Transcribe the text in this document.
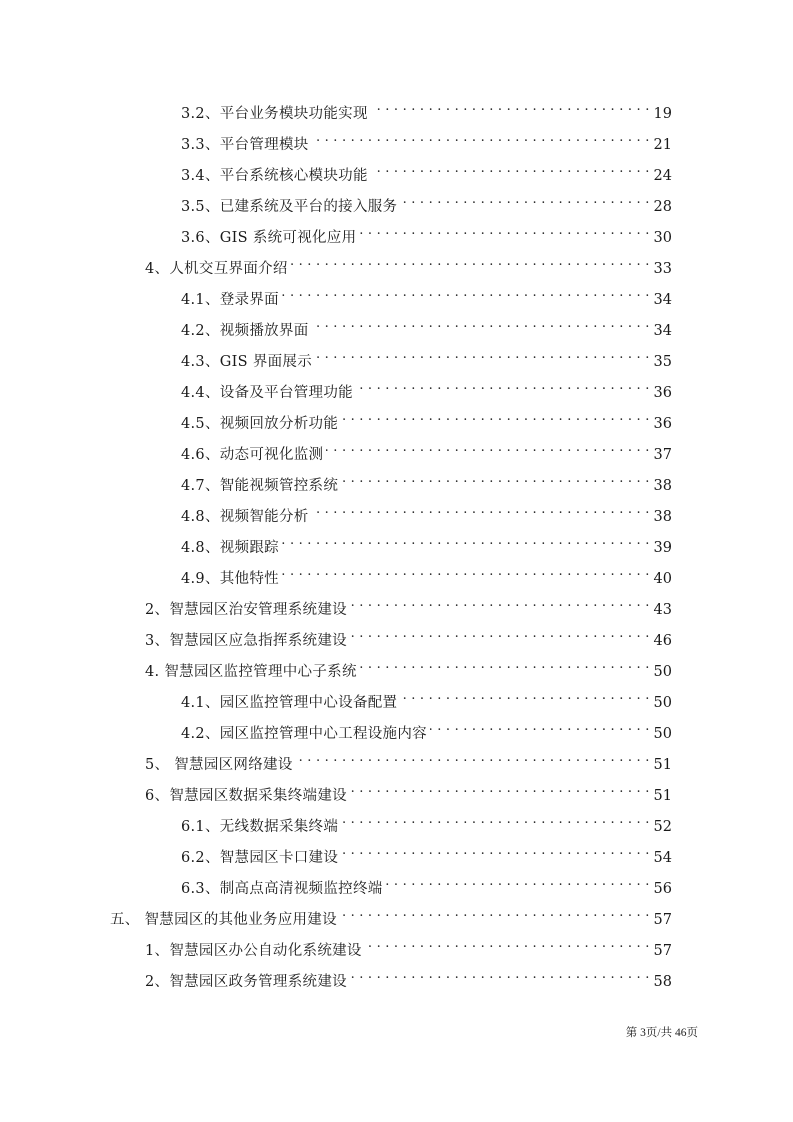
3.2、平台业务模块功能实现 . . .	19
3.3、平台管理模块 . . .	21
3.4、平台系统核心模块功能 . . .	24
3.5、已建系统及平台的接入服务 . . .	28
3.6、GIS 系统可视化应用 . . .	30
4、人机交互界面介绍 . . .	33
4.1、登录界面 . . .	34
4.2、视频播放界面 . . .	34
4.3、GIS 界面展示 . . .	35
4.4、设备及平台管理功能 . . .	36
4.5、视频回放分析功能 . . .	36
4.6、动态可视化监测 . . .	37
4.7、智能视频管控系统 . . .	38
4.8、视频智能分析 . . .	38
4.8、视频跟踪 . . .	39
4.9、其他特性 . . .	40
2、智慧园区治安管理系统建设 . . .	43
3、智慧园区应急指挥系统建设 . . .	46
4. 智慧园区监控管理中心子系统 . . .	50
4.1、园区监控管理中心设备配置 . . .	50
4.2、园区监控管理中心工程设施内容 . . .	50
5、 智慧园区网络建设 . . .	51
6、智慧园区数据采集终端建设 . . .	51
6.1、无线数据采集终端 . . .	52
6.2、智慧园区卡口建设 . . .	54
6.3、制高点高清视频监控终端 . . .	56
五、 智慧园区的其他业务应用建设 . . .	57
1、智慧园区办公自动化系统建设 . . .	57
2、智慧园区政务管理系统建设 . . .	58
第 3页/共 46页
